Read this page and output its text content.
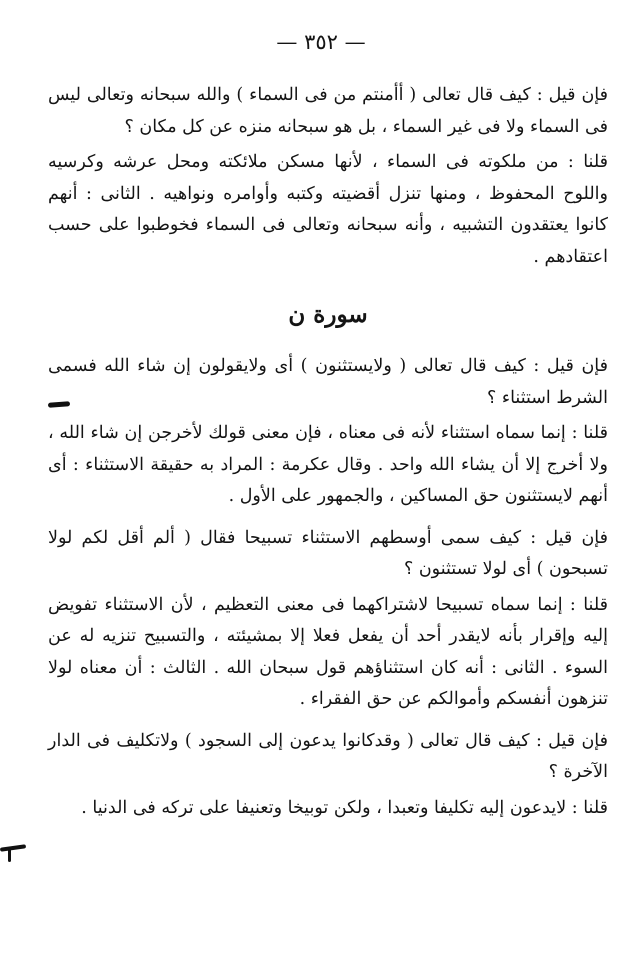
— ٣٥٢ —

فإن قيل : كيف قال تعالى ( أأمنتم من فى السماء ) والله سبحانه وتعالى ليس فى السماء ولا فى غير السماء ، بل هو سبحانه منزه عن كل مكان ؟

قلنا : من ملكوته فى السماء ، لأنها مسكن ملائكته ومحل عرشه وكرسيه واللوح المحفوظ ، ومنها تنزل أقضيته وكتبه وأوامره ونواهيه . الثانى : أنهم كانوا يعتقدون التشبيه ، وأنه سبحانه وتعالى فى السماء فخوطبوا على حسب اعتقادهم .

سورة ن

فإن قيل : كيف قال تعالى ( ولايستثنون ) أى ولايقولون إن شاء الله فسمى الشرط استثناء ؟

قلنا : إنما سماه استثناء لأنه فى معناه ، فإن معنى قولك لأخرجن إن شاء الله ، ولا أخرج إلا أن يشاء الله واحد . وقال عكرمة : المراد به حقيقة الاستثناء : أى أنهم لايستثنون حق المساكين ، والجمهور على الأول .

فإن قيل : كيف سمى أوسطهم الاستثناء تسبيحا فقال ( ألم أقل لكم لولا تسبحون ) أى لولا تستثنون ؟

قلنا : إنما سماه تسبيحا لاشتراكهما فى معنى التعظيم ، لأن الاستثناء تفويض إليه وإقرار بأنه لايقدر أحد أن يفعل فعلا إلا بمشيئته ، والتسبيح تنزيه له عن السوء . الثانى : أنه كان استثناؤهم قول سبحان الله . الثالث : أن معناه لولا تنزهون أنفسكم وأموالكم عن حق الفقراء .

فإن قيل : كيف قال تعالى ( وقدكانوا يدعون إلى السجود ) ولاتكليف فى الدار الآخرة ؟

قلنا : لايدعون إليه تكليفا وتعبدا ، ولكن توبيخا وتعنيفا على تركه فى الدنيا .
